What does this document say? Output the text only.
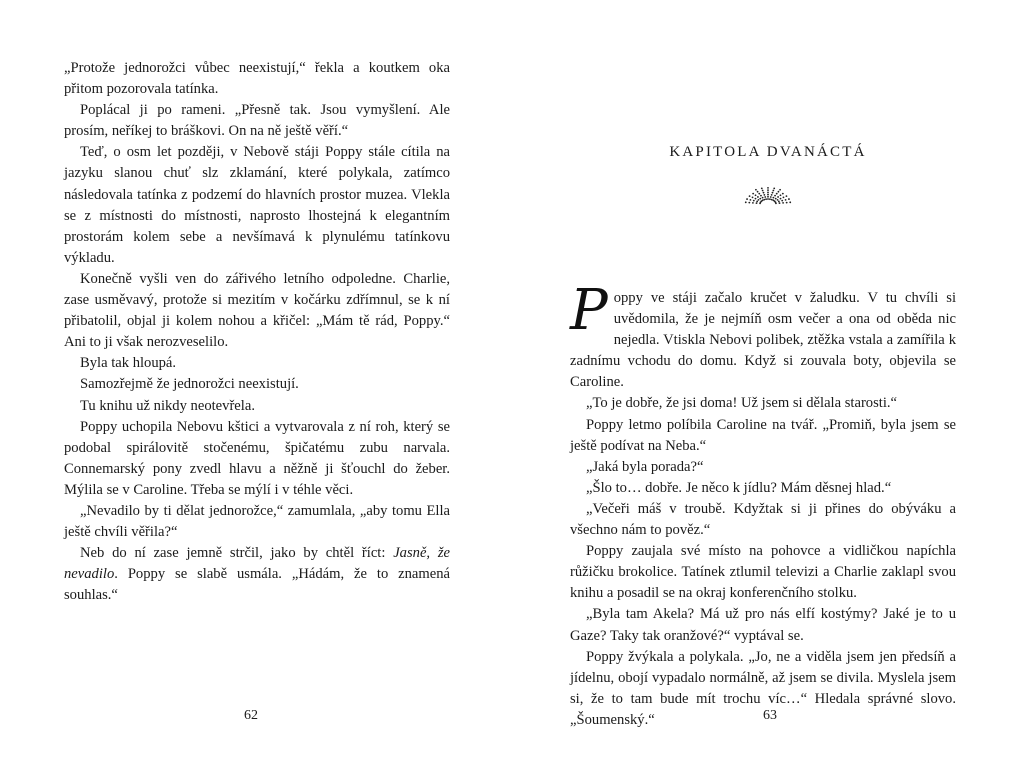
„Protože jednorožci vůbec neexistují,“ řekla a koutkem oka přitom pozorovala tatínka.

Poplácal ji po rameni. „Přesně tak. Jsou vymyšlení. Ale prosím, neříkej to bráškovi. On na ně ještě věří.“

Teď, o osm let později, v Nebově stáji Poppy stále cítila na jazyku slanou chuť slz zklamání, které polykala, zatímco následovala tatínka z podzemí do hlavních prostor muzea. Vlekla se z místnosti do místnosti, naprosto lhostejná k elegantním prostorám kolem sebe a nevšímavá k plynulému tatínkovu výkladu.

Konečně vyšli ven do zářivého letního odpoledne. Charlie, zase usměvavý, protože si mezitím v kočárku zdřímnul, se k ní přibatolil, objal ji kolem nohou a křičel: „Mám tě rád, Poppy.“ Ani to ji však nerozveselilo.

Byla tak hloupá.

Samozřejmě že jednorožci neexistují.

Tu knihu už nikdy neotevřela.

Poppy uchopila Nebovu kštici a vytvarovala z ní roh, který se podobal spirálovitě stočenému, špičatému zubu narvala. Connemarský pony zvedl hlavu a něžně ji šťouchl do žeber. Mýlila se v Caroline. Třeba se mýlí i v téhle věci.

„Nevadilo by ti dělat jednorožce,“ zamumlala, „aby tomu Ella ještě chvíli věřila?“

Neb do ní zase jemně strčil, jako by chtěl říct: Jasně, že nevadilo. Poppy se slabě usmála. „Hádám, že to znamená souhlas.“

62
KAPITOLA DVANÁCTÁ

Poppy ve stáji začalo kručet v žaludku. V tu chvíli si uvědomila, že je nejmíň osm večer a ona od oběda nic nejedla. Vtiskla Nebovi polibek, ztěžka vstala a zamířila k zadnímu vchodu do domu. Když si zouvala boty, objevila se Caroline.

„To je dobře, že jsi doma! Už jsem si dělala starosti.“

Poppy letmo políbila Caroline na tvář. „Promiň, byla jsem se ještě podívat na Neba.“

„Jaká byla porada?“

„Šlo to… dobře. Je něco k jídlu? Mám děsnej hlad.“

„Večeři máš v troubě. Kdyžtak si ji přines do obýváku a všechno nám to pověz.“

Poppy zaujala své místo na pohovce a vidličkou napíchla růžičku brokolice. Tatínek ztlumil televizi a Charlie zaklapl svou knihu a posadil se na okraj konferenčního stolku.

„Byla tam Akela? Má už pro nás elfí kostýmy? Jaké je to u Gaze? Taky tak oranžové?“ vyptával se.

Poppy žvýkala a polykala. „Jo, ne a viděla jsem jen předsíň a jídelnu, obojí vypadalo normálně, až jsem se divila. Myslela jsem si, že to tam bude mít trochu víc…“ Hledala správné slovo. „Šoumenský.“	63
